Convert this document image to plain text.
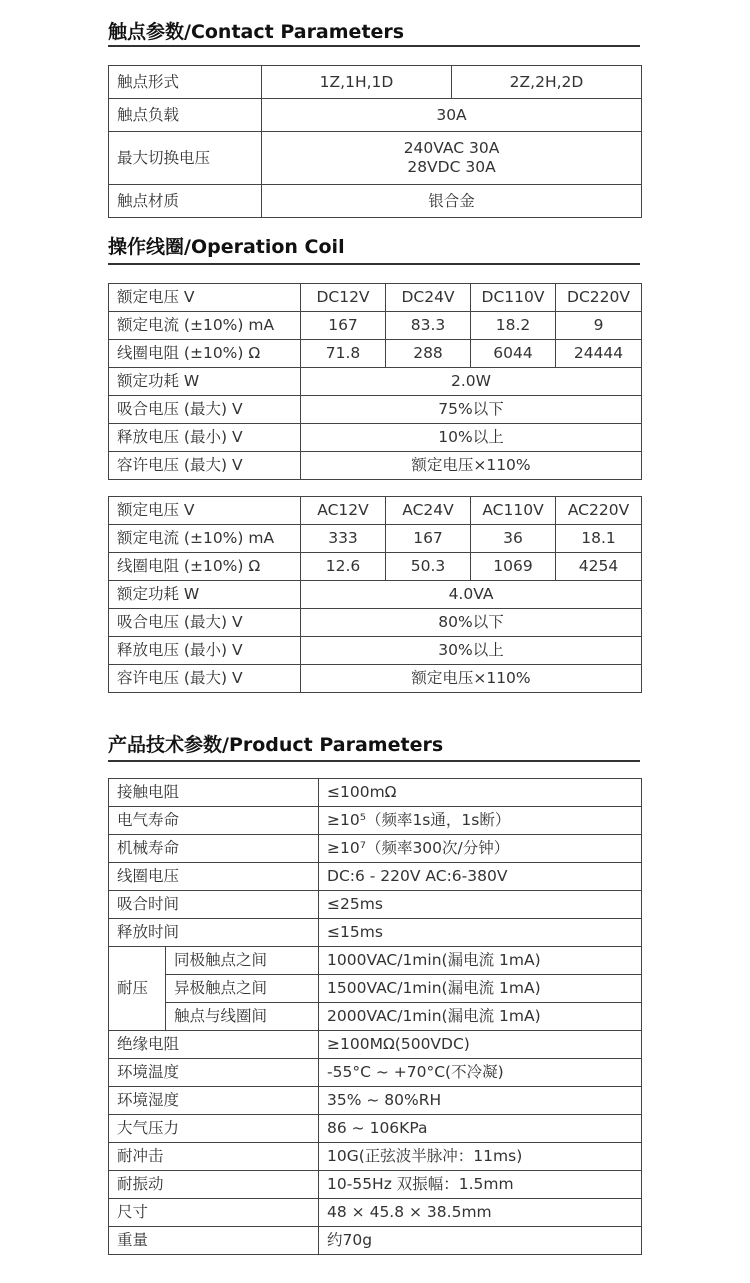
触点参数/Contact Parameters
触点形式	1Z,1H,1D	2Z,2H,2D
触点负载	30A	
最大切换电压	240VAC 30A
28VDC 30A	

触点材质	银合金	
操作线圈/Operation Coil
额定电压 V	DC12V	DC24V	DC110V	DC220V
额定电流 (±10%) mA	167	83.3	18.2	9
线圈电阻 (±10%) Ω	71.8	288	6044	24444
额定功耗 W	2.0W			
吸合电压 (最大) V	75%以下			
释放电压 (最小) V	10%以上			
容许电压 (最大) V	额定电压×110%			
额定电压 V	AC12V	AC24V	AC110V	AC220V
额定电流 (±10%) mA	333	167	36	18.1
线圈电阻 (±10%) Ω	12.6	50.3	1069	4254
额定功耗 W	4.0VA			
吸合电压 (最大) V	80%以下			
释放电压 (最小) V	30%以上			
容许电压 (最大) V	额定电压×110%			
产品技术参数/Product Parameters
接触电阻		≤100mΩ
电气寿命		≥10⁵（频率1s通，1s断）
机械寿命		≥10⁷（频率300次/分钟）
线圈电压		DC:6 - 220V AC:6-380V
吸合时间		≤25ms
释放时间		≤15ms
耐压	同极触点之间	1000VAC/1min(漏电流 1mA)
	异极触点之间	1500VAC/1min(漏电流 1mA)
	触点与线圈间	2000VAC/1min(漏电流 1mA)
绝缘电阻		≥100MΩ(500VDC)
环境温度		-55°C ~ +70°C(不冷凝)
环境湿度		35% ~ 80%RH
大气压力		86 ~ 106KPa
耐冲击		10G(正弦波半脉冲：11ms)
耐振动		10-55Hz 双振幅：1.5mm
尺寸		48 × 45.8 × 38.5mm
重量		约70g
